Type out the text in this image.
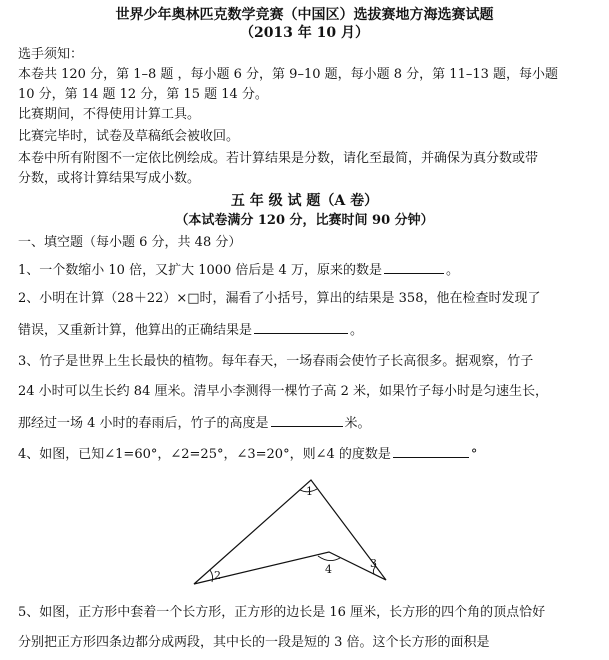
世界少年奥林匹克数学竞赛（中国区）选拔赛地方海选赛试题
（2013 年 10 月）
选手须知：
本卷共 120 分，第 1–8 题 ，每小题 6 分，第 9–10 题，每小题 8 分，第 11–13 题，每小题
10 分，第 14 题 12 分，第 15 题 14 分。
比赛期间，不得使用计算工具。
比赛完毕时，试卷及草稿纸会被收回。
本卷中所有附图不一定依比例绘成。若计算结果是分数，请化至最简，并确保为真分数或带
分数，或将计算结果写成小数。
五 年 级 试 题（A 卷）
（本试卷满分 120 分，比赛时间 90 分钟）
一、填空题（每小题 6 分，共 48 分）
1、一个数缩小 10 倍，又扩大 1000 倍后是 4 万，原来的数是	。
2、小明在计算（28＋22）×□时，漏看了小括号，算出的结果是 358，他在检查时发现了
错误，又重新计算，他算出的正确结果是	。
3、竹子是世界上生长最快的植物。每年春天，一场春雨会使竹子长高很多。据观察，竹子
24 小时可以生长约 84 厘米。清早小李测得一棵竹子高 2 米，如果竹子每小时是匀速生长，
那经过一场 4 小时的春雨后，竹子的高度是	米。
4、如图，已知∠1=60°，∠2=25°，∠3=20°，则∠4 的度数是	°
1
2
3
4
5、如图，正方形中套着一个长方形，正方形的边长是 16 厘米，长方形的四个角的顶点恰好
分别把正方形四条边都分成两段，其中长的一段是短的 3 倍。这个长方形的面积是
